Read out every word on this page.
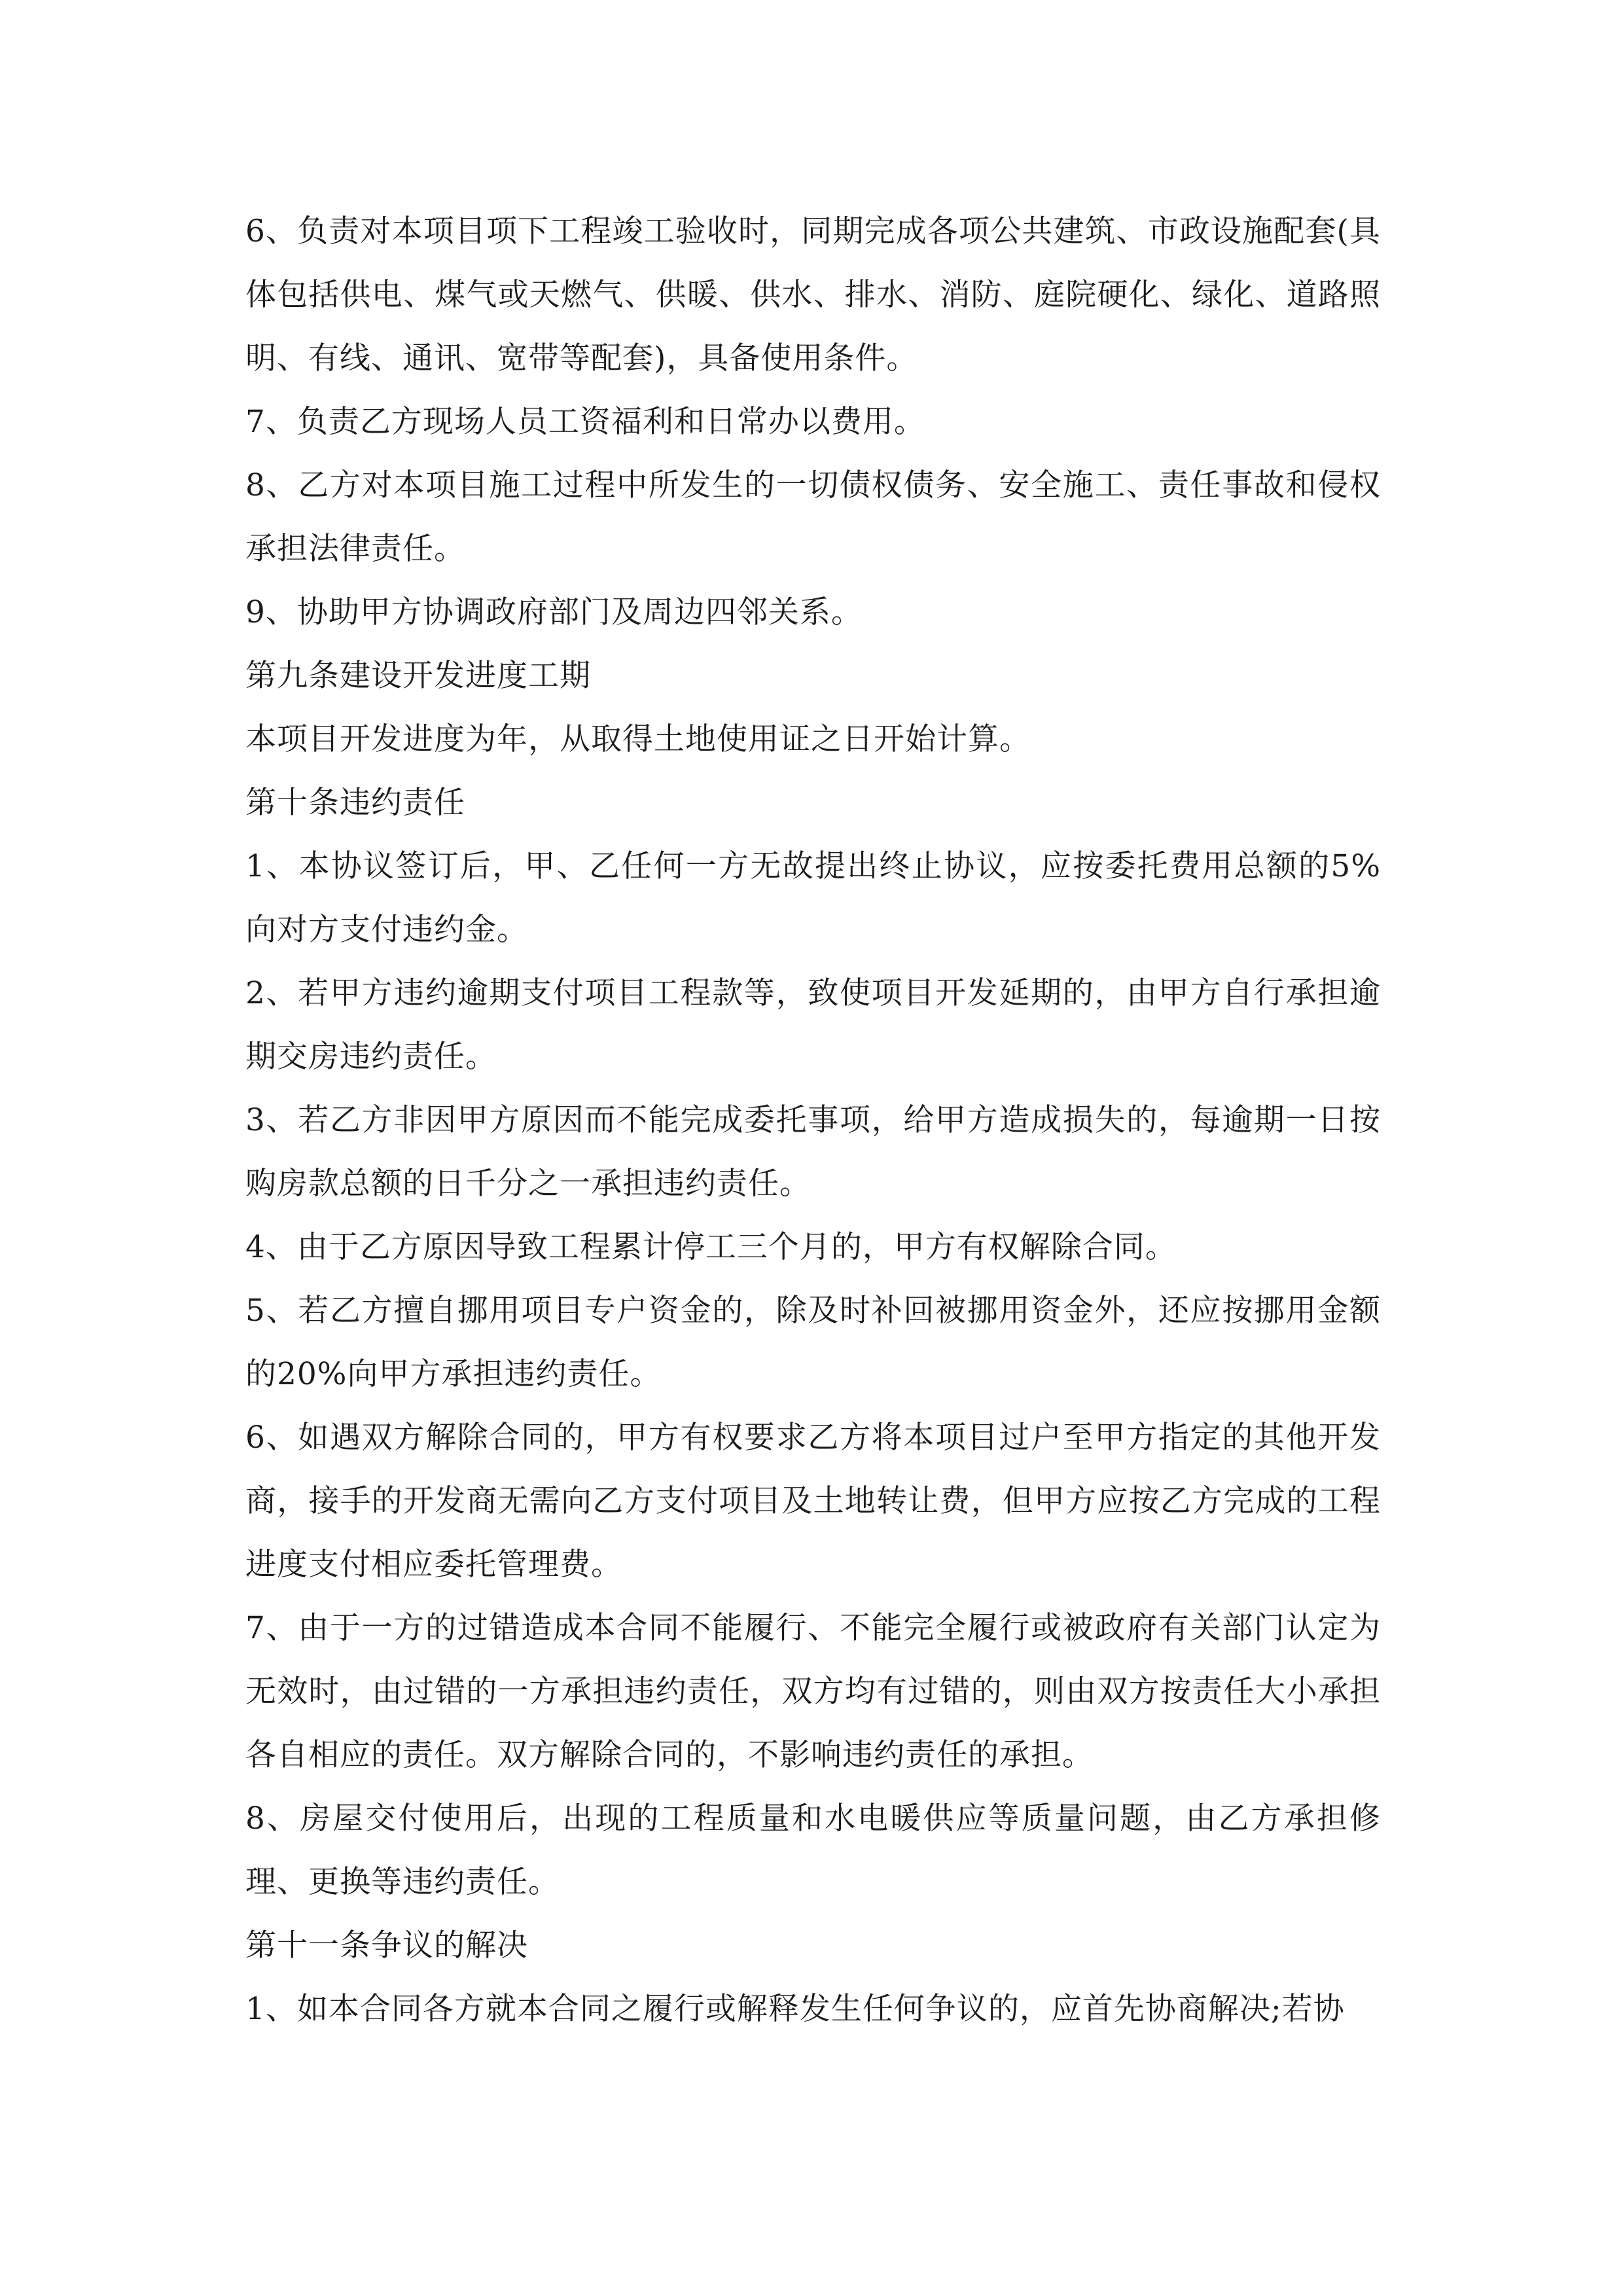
6、负责对本项目项下工程竣工验收时，同期完成各项公共建筑、市政设施配套(具体包括供电、煤气或天燃气、供暖、供水、排水、消防、庭院硬化、绿化、道路照明、有线、通讯、宽带等配套)，具备使用条件。

7、负责乙方现场人员工资福利和日常办以费用。

8、乙方对本项目施工过程中所发生的一切债权债务、安全施工、责任事故和侵权承担法律责任。

9、协助甲方协调政府部门及周边四邻关系。

第九条建设开发进度工期

本项目开发进度为年，从取得土地使用证之日开始计算。

第十条违约责任

1、本协议签订后，甲、乙任何一方无故提出终止协议，应按委托费用总额的5%向对方支付违约金。

2、若甲方违约逾期支付项目工程款等，致使项目开发延期的，由甲方自行承担逾期交房违约责任。

3、若乙方非因甲方原因而不能完成委托事项，给甲方造成损失的，每逾期一日按购房款总额的日千分之一承担违约责任。

4、由于乙方原因导致工程累计停工三个月的，甲方有权解除合同。

5、若乙方擅自挪用项目专户资金的，除及时补回被挪用资金外，还应按挪用金额的20%向甲方承担违约责任。

6、如遇双方解除合同的，甲方有权要求乙方将本项目过户至甲方指定的其他开发商，接手的开发商无需向乙方支付项目及土地转让费，但甲方应按乙方完成的工程进度支付相应委托管理费。

7、由于一方的过错造成本合同不能履行、不能完全履行或被政府有关部门认定为无效时，由过错的一方承担违约责任，双方均有过错的，则由双方按责任大小承担各自相应的责任。双方解除合同的，不影响违约责任的承担。

8、房屋交付使用后，出现的工程质量和水电暖供应等质量问题，由乙方承担修理、更换等违约责任。

第十一条争议的解决

1、如本合同各方就本合同之履行或解释发生任何争议的，应首先协商解决;若协
